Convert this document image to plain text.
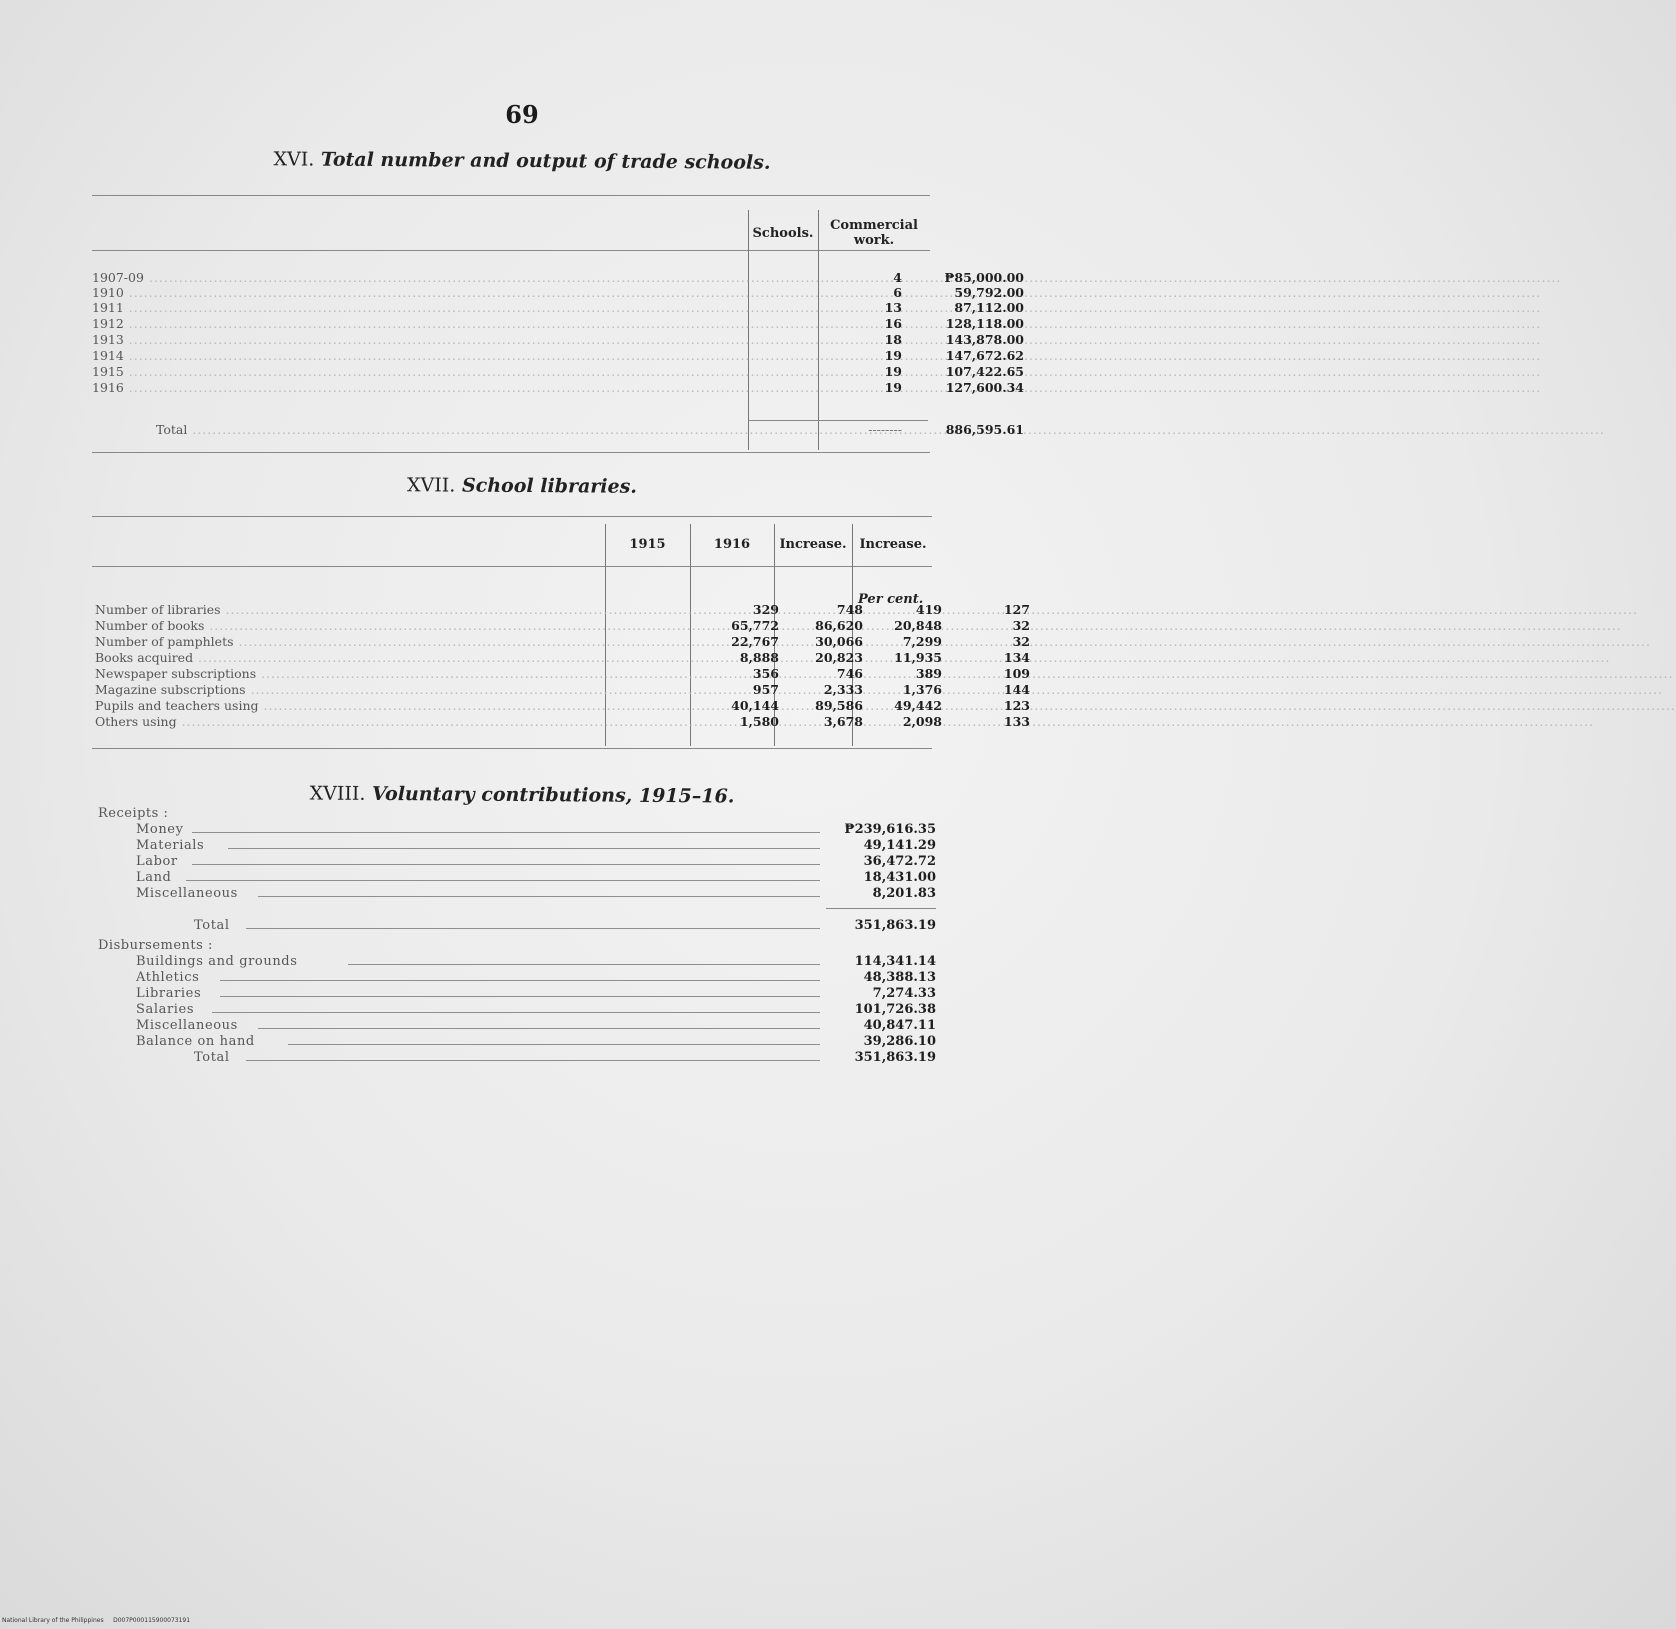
69
XVI. Total number and output of trade schools.
Schools.
Commercial work.
1907-09 .....	4	₱85,000.00
1910 .....	6	59,792.00
1911 .....	13	87,112.00
1912 .....	16	128,118.00
1913 .....	18	143,878.00
1914 .....	19	147,672.62
1915 .....	19	107,422.65
1916 .....	19	127,600.34
Total .....	--------	886,595.61
XVII. School libraries.
1915	1916	Increase. Increase.
Per cent.
Number of libraries .....	329	748	419	127
Number of books .....	65,772	86,620	20,848	32
Number of pamphlets .....	22,767	30,066	7,299	32
Books acquired .....	8,888	20,823	11,935	134
Newspaper subscriptions .....	356	746	389	109
Magazine subscriptions .....	957	2,333	1,376	144
Pupils and teachers using .....	40,144	89,586	49,442	123
Others using .....	1,580	3,678	2,098	133
XVIII. Voluntary contributions, 1915–16.
Receipts :
Money	₱239,616.35
Materials	49,141.29
Labor	36,472.72
Land	18,431.00
Miscellaneous	8,201.83
Total	351,863.19
Disbursements :
Buildings and grounds	114,341.14
Athletics	48,388.13
Libraries	7,274.33
Salaries	101,726.38
Miscellaneous	40,847.11
Balance on hand	39,286.10
Total	351,863.19
National Library of the Philippines     D007P000115900073191
